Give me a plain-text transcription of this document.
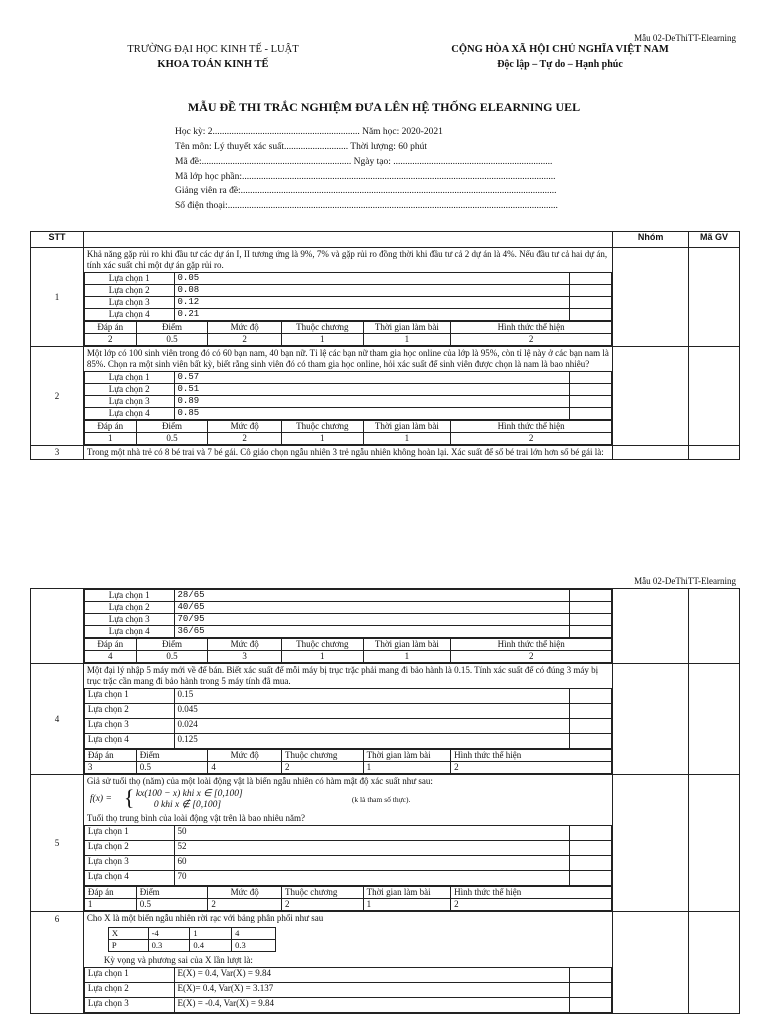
Mẫu 02-DeThiTT-Elearning
TRƯỜNG ĐẠI HỌC KINH TẾ - LUẬT
KHOA TOÁN KINH TẾ
CỘNG HÒA XÃ HỘI CHỦ NGHĨA VIỆT NAM
Độc lập – Tự do – Hạnh phúc
MẪU ĐỀ THI TRẮC NGHIỆM ĐƯA LÊN HỆ THỐNG ELEARNING UEL
Học kỳ: 2.............................................................. Năm học: 2020-2021
Tên môn: Lý thuyết xác suất........................... Thời lượng: 60 phút
Mã đề:............................................................... Ngày tạo: ...................................................................
Mã lớp học phần:....................................................................................................................................
Giảng viên ra đề:.....................................................................................................................................
Số điện thoại:...........................................................................................................................................
STT		Nhóm	Mã GV
1	
Khả năng gặp rủi ro khi đầu tư các dự án I, II tương ứng là 9%, 7% và gặp rủi ro đồng thời khi đầu tư cả 2 dự án là 4%. Nếu đầu tư cả hai dự án, tính xác suất chỉ một dự án gặp rủi ro.
Lựa chọn 1	0.05	
Lựa chọn 2	0.08	
Lựa chọn 3	0.12	
Lựa chọn 4	0.21	
Đáp án	Điểm	Mức độ	Thuộc chương	Thời gian làm bài	Hình thức thể hiện
2	0.5	2	1	1	2

2	
Một lớp có 100 sinh viên trong đó có 60 bạn nam, 40 bạn nữ. Tỉ lệ các bạn nữ tham gia học online của lớp là 95%, còn tỉ lệ này ở các bạn nam là 85%. Chọn ra một sinh viên bất kỳ, biết rằng sinh viên đó có tham gia học online, hỏi xác suất để sinh viên được chọn là nam là bao nhiêu?
Lựa chọn 1	0.57	
Lựa chọn 2	0.51	
Lựa chọn 3	0.89	
Lựa chọn 4	0.85	
Đáp án	Điểm	Mức độ	Thuộc chương	Thời gian làm bài	Hình thức thể hiện
1	0.5	2	1	1	2

3	Trong một nhà trẻ có 8 bé trai và 7 bé gái. Cô giáo chọn ngẫu nhiên 3 trẻ ngẫu nhiên không hoàn lại. Xác suất để số bé trai lớn hơn số bé gái là:		
Mẫu 02-DeThiTT-Elearning

Lựa chọn 1	28/65	
Lựa chọn 2	40/65	
Lựa chọn 3	70/95	
Lựa chọn 4	36/65	
Đáp án	Điểm	Mức độ	Thuộc chương	Thời gian làm bài	Hình thức thể hiện
4	0.5	3	1	1	2

4	
Một đại lý nhập 5 máy mới về để bán. Biết xác suất để mỗi máy bị trục trặc phải mang đi bảo hành là 0.15. Tính xác suất để có đúng 3 máy bị trục trặc cần mang đi bảo hành trong 5 máy tính đã mua.
Lựa chọn 1	0.15	
Lựa chọn 2	0.045	
Lựa chọn 3	0.024	
Lựa chọn 4	0.125	
Đáp án	Điểm	Mức độ	Thuộc chương	Thời gian làm bài	Hình thức thể hiện
3	0.5	4	2	1	2

5	
Giả sử tuổi thọ (năm) của một loài động vật là biến ngẫu nhiên có hàm mật độ xác suất như sau:
f(x) = { kx(100 − x) khi x ∈ [0,100]
0 khi x ∉ [0,100]
(k là tham số thực).
Tuổi thọ trung bình của loài động vật trên là bao nhiêu năm?
Lựa chọn 1	50	
Lựa chọn 2	52	
Lựa chọn 3	60	
Lựa chọn 4	70	
Đáp án	Điểm	Mức độ	Thuộc chương	Thời gian làm bài	Hình thức thể hiện
1	0.5	2	2	1	2

6	Cho X là một biến ngẫu nhiên rời rạc với bảng phân phối như sau
X	-4	1	4
P	0.3	0.4	0.3
Kỳ vọng và phương sai của X lần lượt là:
Lựa chọn 1	E(X) = 0.4, Var(X) = 9.84	
Lựa chọn 2	E(X)= 0.4, Var(X) = 3.137	
Lựa chọn 3	E(X) = -0.4, Var(X) = 9.84	
